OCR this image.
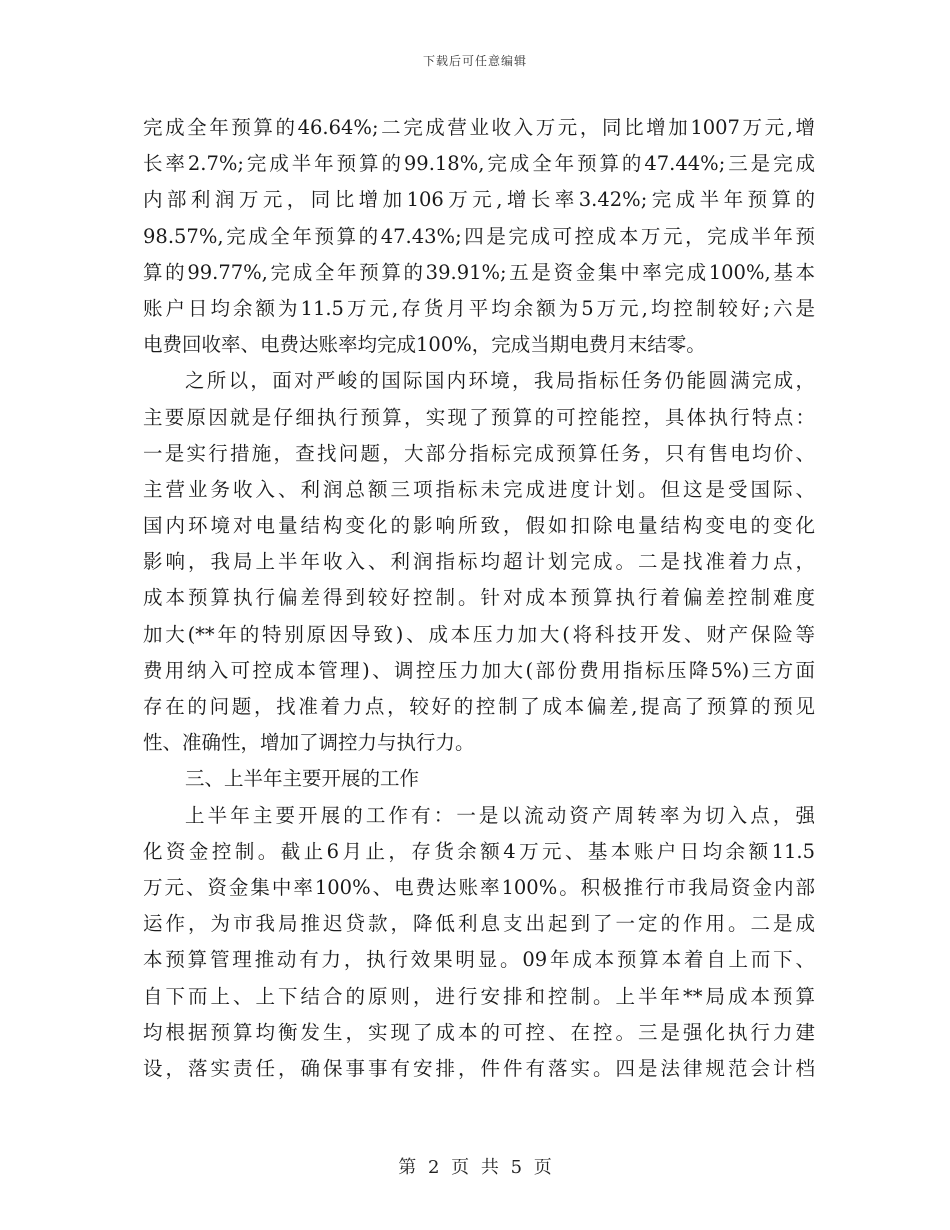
下载后可任意编辑
完成全年预算的46.64%;二完成营业收入万元，同比增加1007万元,增
长率2.7%;完成半年预算的99.18%,完成全年预算的47.44%;三是完成
内部利润万元，同比增加106万元,增长率3.42%;完成半年预算的
98.57%,完成全年预算的47.43%;四是完成可控成本万元，完成半年预
算的99.77%,完成全年预算的39.91%;五是资金集中率完成100%,基本
账户日均余额为11.5万元,存货月平均余额为5万元,均控制较好;六是
电费回收率、电费达账率均完成100%，完成当期电费月末结零。
之所以，面对严峻的国际国内环境，我局指标任务仍能圆满完成，
主要原因就是仔细执行预算，实现了预算的可控能控，具体执行特点：
一是实行措施，查找问题，大部分指标完成预算任务，只有售电均价、
主营业务收入、利润总额三项指标未完成进度计划。但这是受国际、
国内环境对电量结构变化的影响所致，假如扣除电量结构变电的变化
影响，我局上半年收入、利润指标均超计划完成。二是找准着力点，
成本预算执行偏差得到较好控制。针对成本预算执行着偏差控制难度
加大(**年的特别原因导致)、成本压力加大(将科技开发、财产保险等
费用纳入可控成本管理)、调控压力加大(部份费用指标压降5%)三方面
存在的问题，找准着力点，较好的控制了成本偏差,提高了预算的预见
性、准确性，增加了调控力与执行力。
三、上半年主要开展的工作
上半年主要开展的工作有：一是以流动资产周转率为切入点，强
化资金控制。截止6月止，存货余额4万元、基本账户日均余额11.5
万元、资金集中率100%、电费达账率100%。积极推行市我局资金内部
运作，为市我局推迟贷款，降低利息支出起到了一定的作用。二是成
本预算管理推动有力，执行效果明显。09年成本预算本着自上而下、
自下而上、上下结合的原则，进行安排和控制。上半年**局成本预算
均根据预算均衡发生，实现了成本的可控、在控。三是强化执行力建
设，落实责任，确保事事有安排，件件有落实。四是法律规范会计档
第 2 页 共 5 页
